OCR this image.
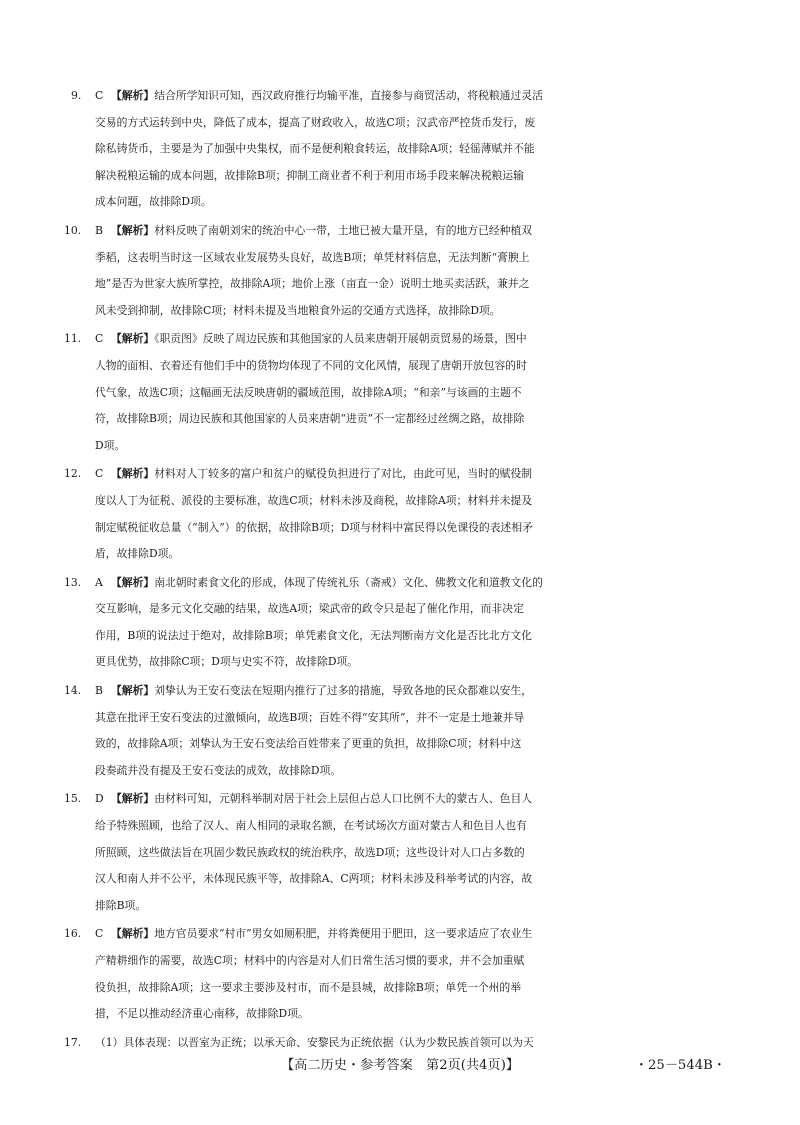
9. C 【解析】结合所学知识可知，西汉政府推行均输平准，直接参与商贸活动，将税粮通过灵活
交易的方式运转到中央，降低了成本，提高了财政收入，故选C项；汉武帝严控货币发行，废
除私铸货币，主要是为了加强中央集权，而不是便利粮食转运，故排除A项；轻徭薄赋并不能
解决税粮运输的成本问题，故排除B项；抑制工商业者不利于利用市场手段来解决税粮运输
成本问题，故排除D项。
10. B 【解析】材料反映了南朝刘宋的统治中心一带，土地已被大量开垦，有的地方已经种植双
季稻，这表明当时这一区域农业发展势头良好，故选B项；单凭材料信息，无法判断“膏腴上
地”是否为世家大族所掌控，故排除A项；地价上涨（亩直一金）说明土地买卖活跃，兼并之
风未受到抑制，故排除C项；材料未提及当地粮食外运的交通方式选择，故排除D项。
11. C 【解析】《职贡图》反映了周边民族和其他国家的人员来唐朝开展朝贡贸易的场景，图中
人物的面相、衣着还有他们手中的货物均体现了不同的文化风情，展现了唐朝开放包容的时
代气象，故选C项；这幅画无法反映唐朝的疆域范围，故排除A项；“和亲”与该画的主题不
符，故排除B项；周边民族和其他国家的人员来唐朝“进贡”不一定都经过丝绸之路，故排除
D项。
12. C 【解析】材料对人丁较多的富户和贫户的赋役负担进行了对比，由此可见，当时的赋役制
度以人丁为征税、派役的主要标准，故选C项；材料未涉及商税，故排除A项；材料并未提及
制定赋税征收总量（“制入”）的依据，故排除B项；D项与材料中富民得以免课役的表述相矛
盾，故排除D项。
13. A 【解析】南北朝时素食文化的形成，体现了传统礼乐（斋戒）文化、佛教文化和道教文化的
交互影响，是多元文化交融的结果，故选A项；梁武帝的政令只是起了催化作用，而非决定
作用，B项的说法过于绝对，故排除B项；单凭素食文化，无法判断南方文化是否比北方文化
更具优势，故排除C项；D项与史实不符，故排除D项。
14. B 【解析】刘挚认为王安石变法在短期内推行了过多的措施，导致各地的民众都难以安生，
其意在批评王安石变法的过激倾向，故选B项；百姓不得“安其所”，并不一定是土地兼并导
致的，故排除A项；刘挚认为王安石变法给百姓带来了更重的负担，故排除C项；材料中这
段奏疏并没有提及王安石变法的成效，故排除D项。
15. D 【解析】由材料可知，元朝科举制对居于社会上层但占总人口比例不大的蒙古人、色目人
给予特殊照顾，也给了汉人、南人相同的录取名额，在考试场次方面对蒙古人和色目人也有
所照顾，这些做法旨在巩固少数民族政权的统治秩序，故选D项；这些设计对人口占多数的
汉人和南人并不公平，未体现民族平等，故排除A、C两项；材料未涉及科举考试的内容，故
排除B项。
16. C 【解析】地方官员要求“村市”男女如厕积肥，并将粪便用于肥田，这一要求适应了农业生
产精耕细作的需要，故选C项；材料中的内容是对人们日常生活习惯的要求，并不会加重赋
役负担，故排除A项；这一要求主要涉及村市，而不是县城，故排除B项；单凭一个州的举
措，不足以推动经济重心南移，故排除D项。
17. （1）具体表现：以晋室为正统；以承天命、安黎民为正统依据（认为少数民族首领可以为天
【高二历史・参考答案　第2页(共4页)】	・25－544B・
